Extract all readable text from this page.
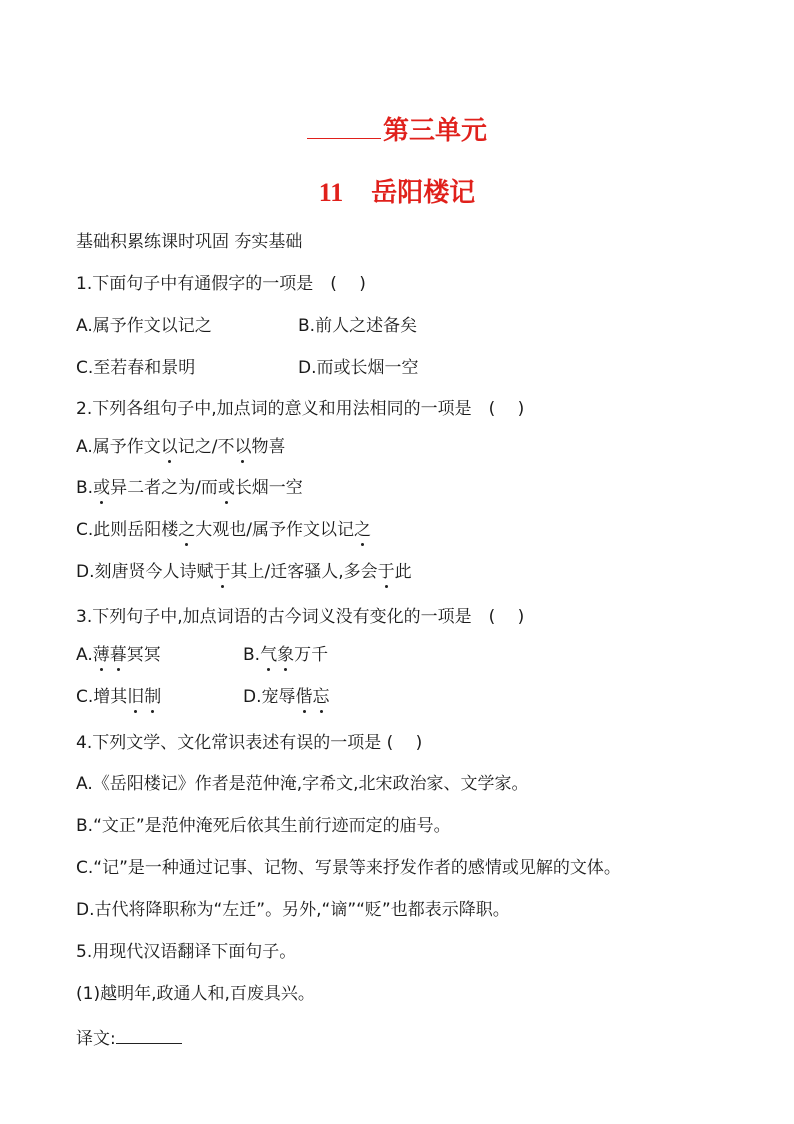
第三单元
11 岳阳楼记
基础积累练课时巩固 夯实基础
1.下面句子中有通假字的一项是　( 　)
A.属予作文以记之	B.前人之述备矣
C.至若春和景明	D.而或长烟一空
2.下列各组句子中,加点词的意义和用法相同的一项是　( 　)
A.属予作文以记之/不以物喜
B.或异二者之为/而或长烟一空
C.此则岳阳楼之大观也/属予作文以记之
D.刻唐贤今人诗赋于其上/迁客骚人,多会于此
3.下列句子中,加点词语的古今词义没有变化的一项是　( 　)
A.薄暮冥冥	B.气象万千
C.增其旧制	D.宠辱偕忘
4.下列文学、文化常识表述有误的一项是 ( 　)
A.《岳阳楼记》作者是范仲淹,字希文,北宋政治家、文学家。
B.“文正”是范仲淹死后依其生前行迹而定的庙号。
C.“记”是一种通过记事、记物、写景等来抒发作者的感情或见解的文体。
D.古代将降职称为“左迁”。另外,“谪”“贬”也都表示降职。
5.用现代汉语翻译下面句子。
(1)越明年,政通人和,百废具兴。
译文:
